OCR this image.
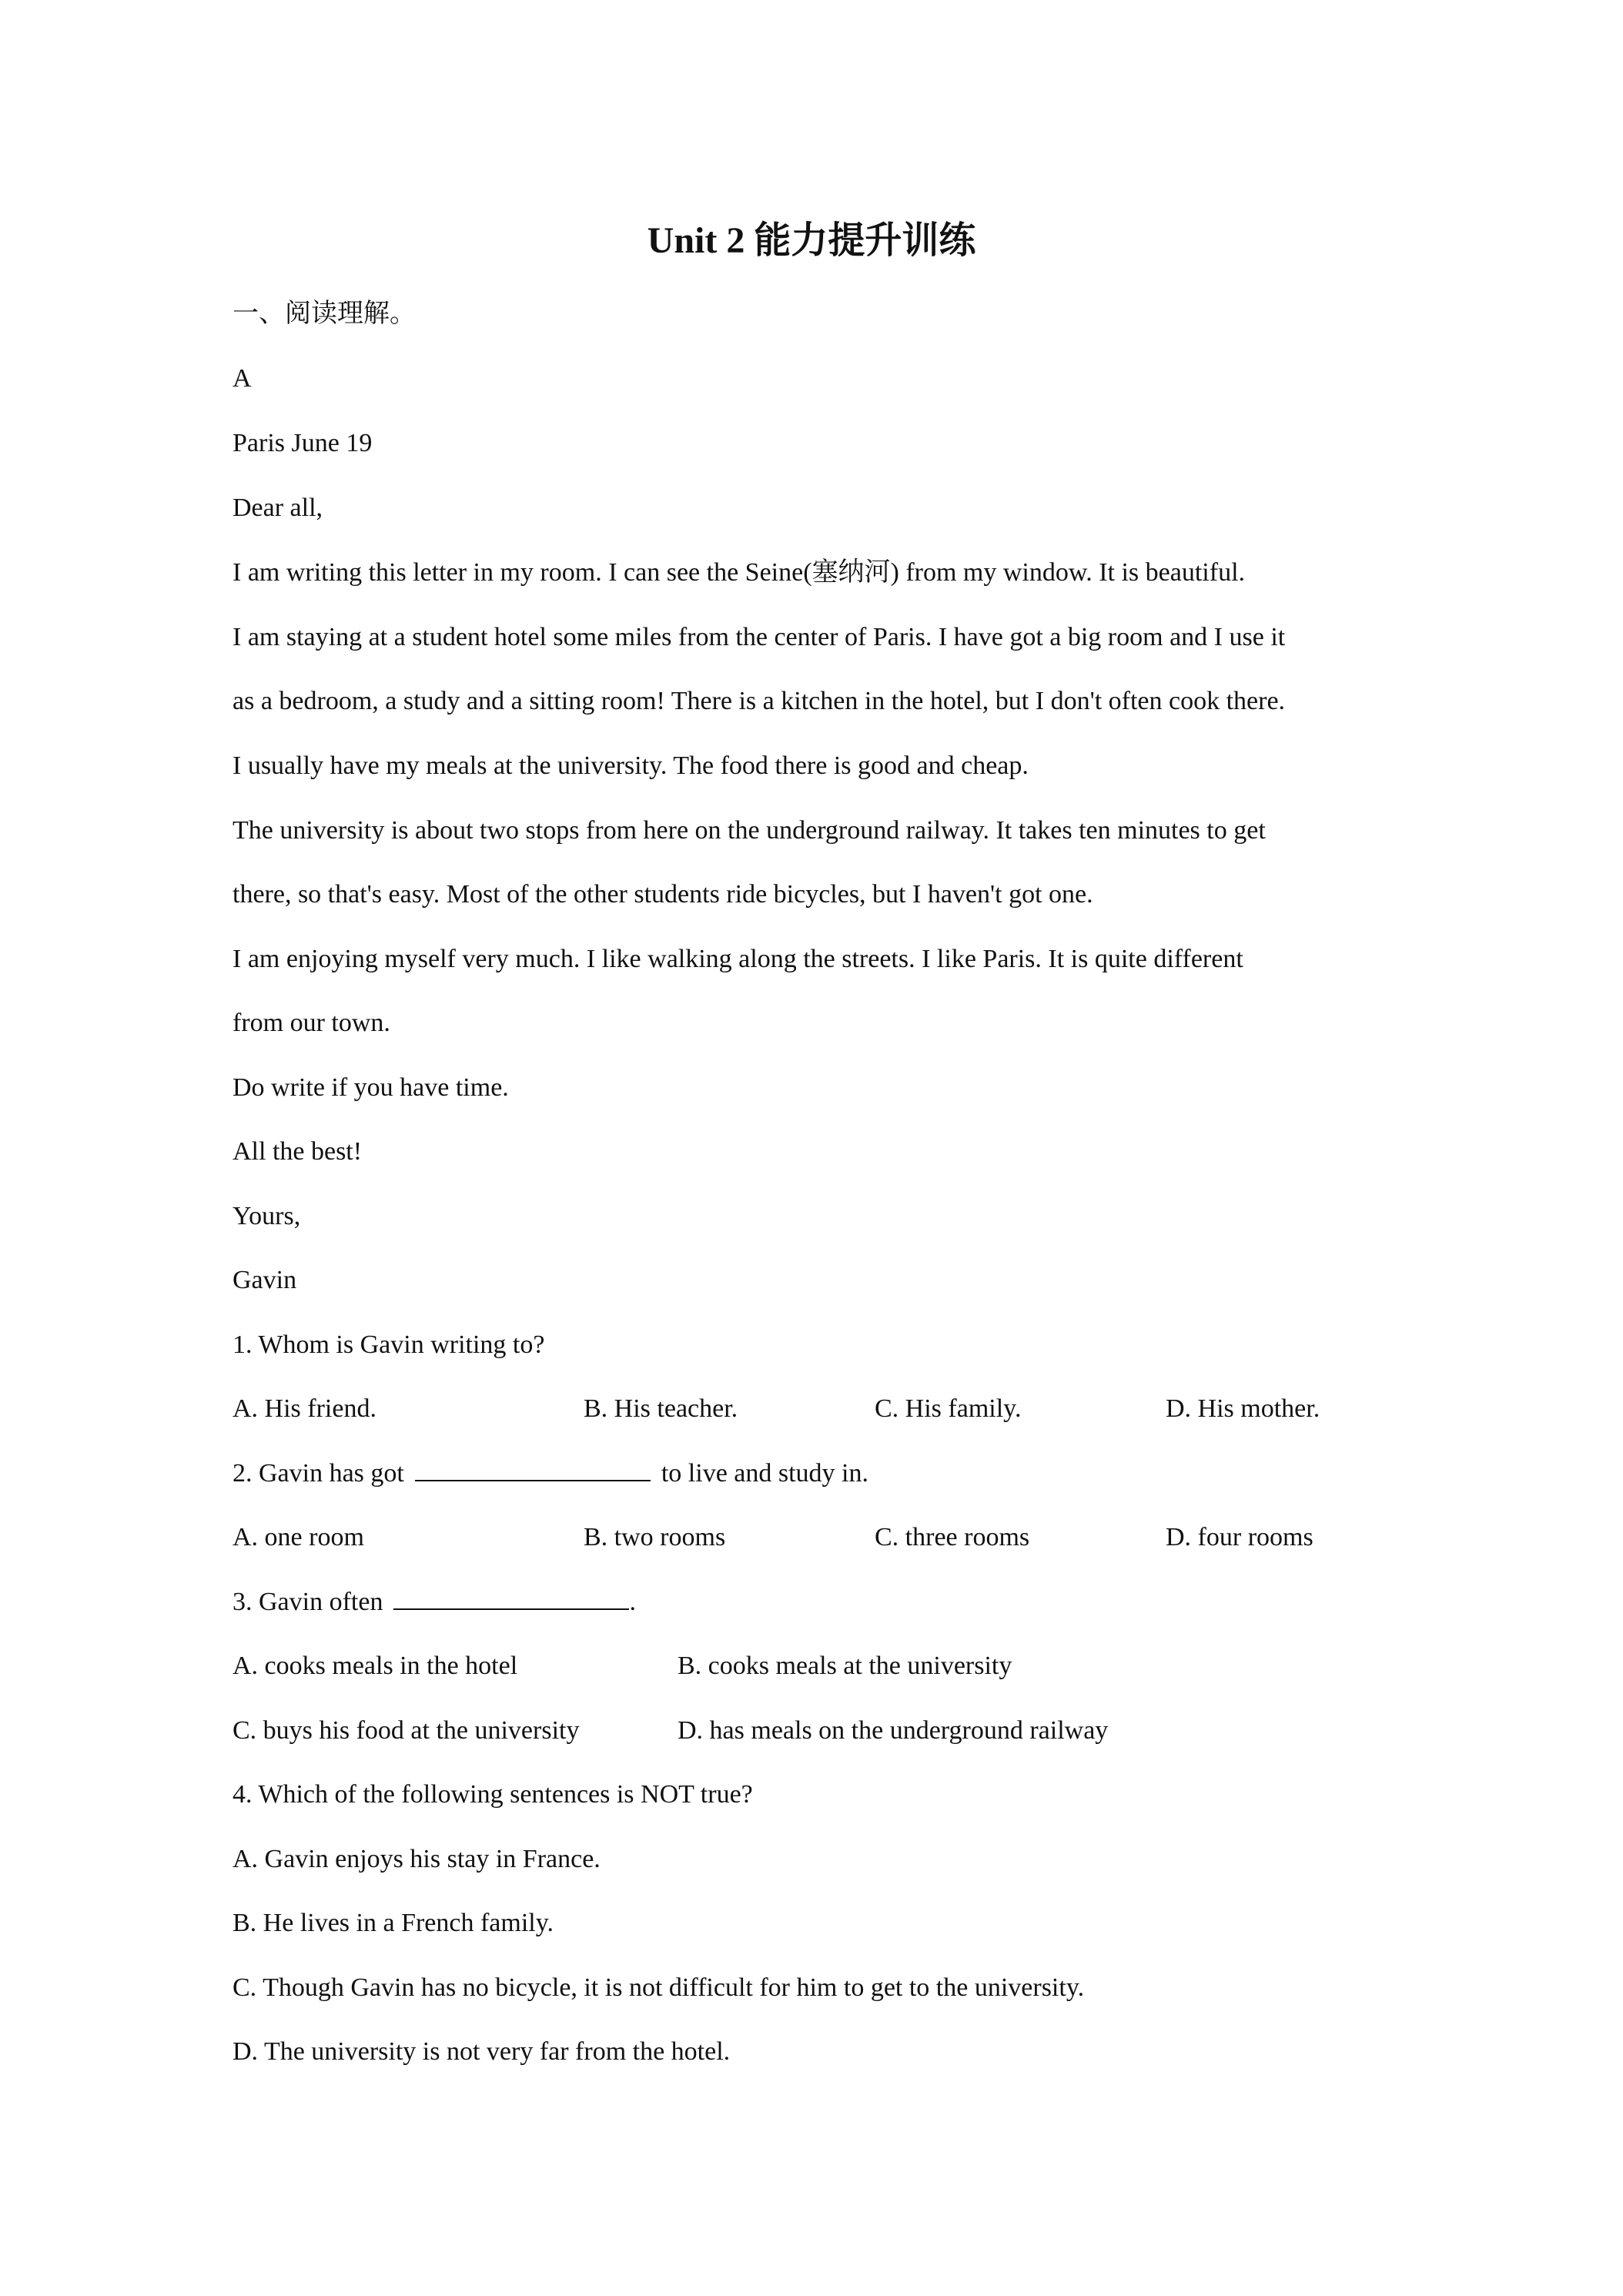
Unit 2 能力提升训练
一、阅读理解。
A
Paris June 19
Dear all,
I am writing this letter in my room. I can see the Seine(塞纳河) from my window. It is beautiful.
I am staying at a student hotel some miles from the center of Paris. I have got a big room and I use it
as a bedroom, a study and a sitting room! There is a kitchen in the hotel, but I don't often cook there.
I usually have my meals at the university. The food there is good and cheap.
The university is about two stops from here on the underground railway. It takes ten minutes to get
there, so that's easy. Most of the other students ride bicycles, but I haven't got one.
I am enjoying myself very much. I like walking along the streets. I like Paris. It is quite different
from our town.
Do write if you have time.
All the best!
Yours,
Gavin
1. Whom is Gavin writing to?
A. His friend.	B. His teacher.	C. His family.	D. His mother.
2. Gavin has got	to live and study in.
A. one room	B. two rooms	C. three rooms	D. four rooms
3. Gavin often	.
A. cooks meals in the hotel	B. cooks meals at the university
C. buys his food at the university	D. has meals on the underground railway
4. Which of the following sentences is NOT true?
A. Gavin enjoys his stay in France.
B. He lives in a French family.
C. Though Gavin has no bicycle, it is not difficult for him to get to the university.
D. The university is not very far from the hotel.
